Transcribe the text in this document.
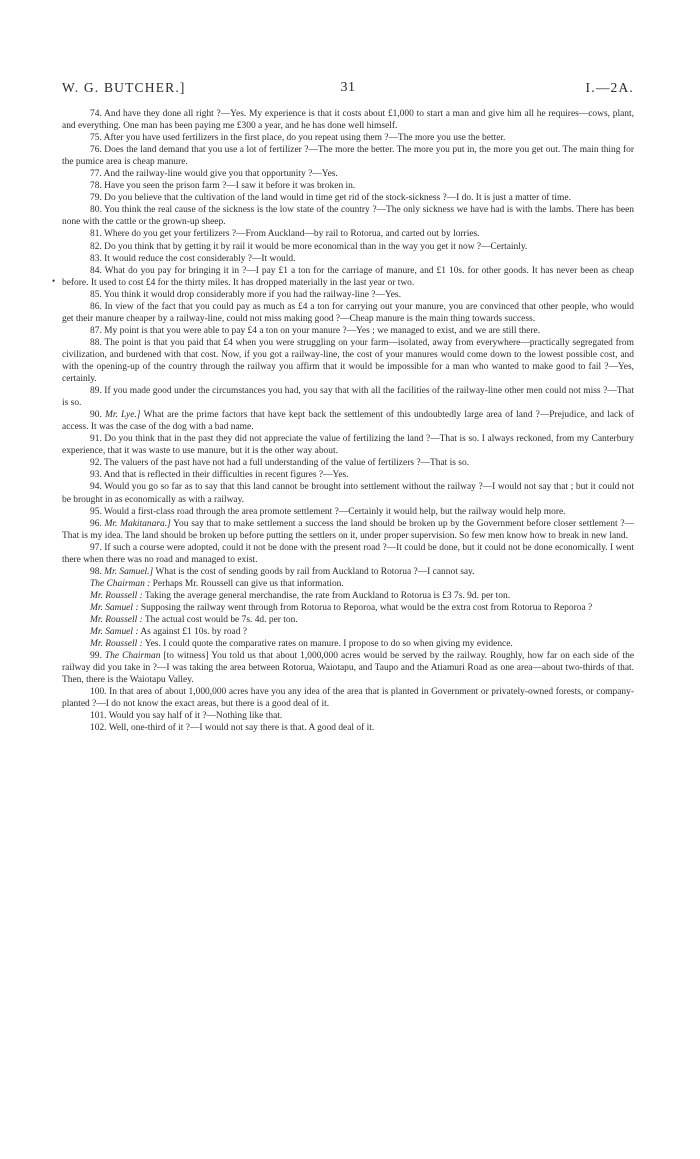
W. G. BUTCHER.]	31	I.—2A.
•

74. And have they done all right ?—Yes. My experience is that it costs about £1,000 to start a man and give him all he requires—cows, plant, and everything. One man has been paying me £300 a year, and he has done well himself.

75. After you have used fertilizers in the first place, do you repeat using them ?—The more you use the better.

76. Does the land demand that you use a lot of fertilizer ?—The more the better. The more you put in, the more you get out. The main thing for the pumice area is cheap manure.

77. And the railway-line would give you that opportunity ?—Yes.

78. Have you seen the prison farm ?—I saw it before it was broken in.

79. Do you believe that the cultivation of the land would in time get rid of the stock-sickness ?—I do. It is just a matter of time.

80. You think the real cause of the sickness is the low state of the country ?—The only sickness we have had is with the lambs. There has been none with the cattle or the grown-up sheep.

81. Where do you get your fertilizers ?—From Auckland—by rail to Rotorua, and carted out by lorries.

82. Do you think that by getting it by rail it would be more economical than in the way you get it now ?—Certainly.

83. It would reduce the cost considerably ?—It would.

84. What do you pay for bringing it in ?—I pay £1 a ton for the carriage of manure, and £1 10s. for other goods. It has never been as cheap before. It used to cost £4 for the thirty miles. It has dropped materially in the last year or two.

85. You think it would drop considerably more if you had the railway-line ?—Yes.

86. In view of the fact that you could pay as much as £4 a ton for carrying out your manure, you are convinced that other people, who would get their manure cheaper by a railway-line, could not miss making good ?—Cheap manure is the main thing towards success.

87. My point is that you were able to pay £4 a ton on your manure ?—Yes ; we managed to exist, and we are still there.

88. The point is that you paid that £4 when you were struggling on your farm—isolated, away from everywhere—practically segregated from civilization, and burdened with that cost. Now, if you got a railway-line, the cost of your manures would come down to the lowest possible cost, and with the opening-up of the country through the railway you affirm that it would be impossible for a man who wanted to make good to fail ?—Yes, certainly.

89. If you made good under the circumstances you had, you say that with all the facilities of the railway-line other men could not miss ?—That is so.

90. Mr. Lye.] What are the prime factors that have kept back the settlement of this undoubtedly large area of land ?—Prejudice, and lack of access. It was the case of the dog with a bad name.

91. Do you think that in the past they did not appreciate the value of fertilizing the land ?—That is so. I always reckoned, from my Canterbury experience, that it was waste to use manure, but it is the other way about.

92. The valuers of the past have not had a full understanding of the value of fertilizers ?—That is so.

93. And that is reflected in their difficulties in recent figures ?—Yes.

94. Would you go so far as to say that this land cannot be brought into settlement without the railway ?—I would not say that ; but it could not be brought in as economically as with a railway.

95. Would a first-class road through the area promote settlement ?—Certainly it would help, but the railway would help more.

96. Mr. Makitanara.] You say that to make settlement a success the land should be broken up by the Government before closer settlement ?—That is my idea. The land should be broken up before putting the settlers on it, under proper supervision. So few men know how to break in new land.

97. If such a course were adopted, could it not be done with the present road ?—It could be done, but it could not be done economically. I went there when there was no road and managed to exist.

98. Mr. Samuel.] What is the cost of sending goods by rail from Auckland to Rotorua ?—I cannot say.

The Chairman : Perhaps Mr. Roussell can give us that information.

Mr. Roussell : Taking the average general merchandise, the rate from Auckland to Rotorua is £3 7s. 9d. per ton.

Mr. Samuel : Supposing the railway went through from Rotorua to Reporoa, what would be the extra cost from Rotorua to Reporoa ?

Mr. Roussell : The actual cost would be 7s. 4d. per ton.

Mr. Samuel : As against £1 10s. by road ?

Mr. Roussell : Yes. I could quote the comparative rates on manure. I propose to do so when giving my evidence.

99. The Chairman [to witness] You told us that about 1,000,000 acres would be served by the railway. Roughly, how far on each side of the railway did you take in ?—I was taking the area between Rotorua, Waiotapu, and Taupo and the Atiamuri Road as one area—about two-thirds of that. Then, there is the Waiotapu Valley.

100. In that area of about 1,000,000 acres have you any idea of the area that is planted in Government or privately-owned forests, or company-planted ?—I do not know the exact areas, but there is a good deal of it.

101. Would you say half of it ?—Nothing like that.

102. Well, one-third of it ?—I would not say there is that. A good deal of it.
